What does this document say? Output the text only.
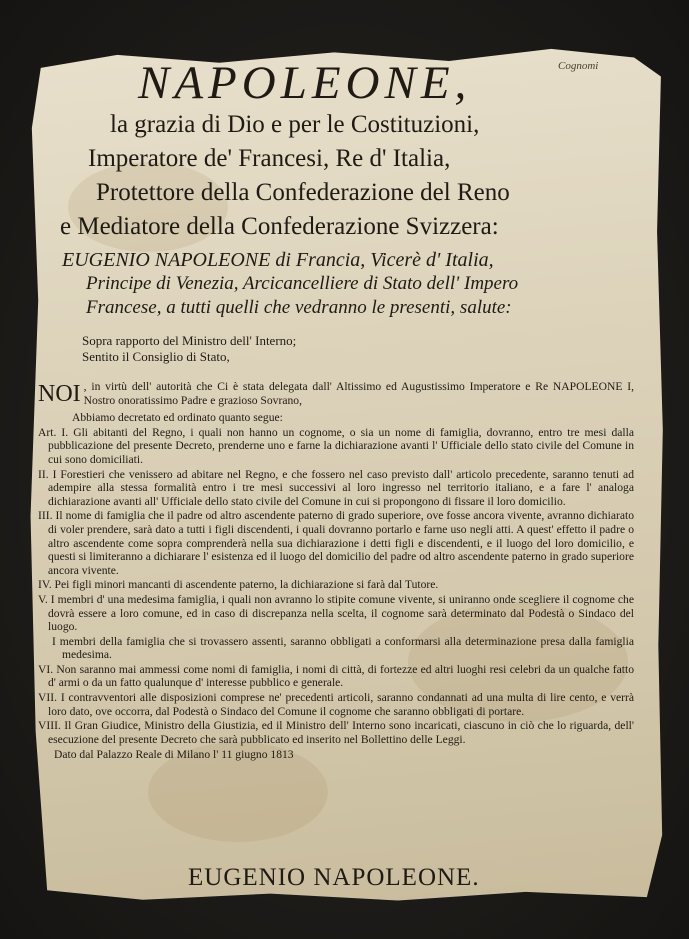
NAPOLEONE,	Cognomi
la grazia di Dio e per le Costituzioni,
Imperatore de' Francesi, Re d' Italia,
Protettore della Confederazione del Reno
e Mediatore della Confederazione Svizzera:
EUGENIO NAPOLEONE di Francia, Vicerè d' Italia,
Principe di Venezia, Arcicancelliere di Stato dell' Impero
Francese, a tutti quelli che vedranno le presenti, salute:
Sopra rapporto del Ministro dell' Interno;
Sentito il Consiglio di Stato,

NOI , in virtù dell' autorità che Ci è stata delegata dall' Altissimo ed Augustissimo Imperatore e Re NAPOLEONE I, Nostro onoratissimo Padre e grazioso Sovrano,

Abbiamo decretato ed ordinato quanto segue:

Art. I. Gli abitanti del Regno, i quali non hanno un cognome, o sia un nome di famiglia, dovranno, entro tre mesi dalla pubblicazione del presente Decreto, prenderne uno e farne la dichiarazione avanti l' Ufficiale dello stato civile del Comune in cui sono domiciliati.

II. I Forestieri che venissero ad abitare nel Regno, e che fossero nel caso previsto dall' articolo precedente, saranno tenuti ad adempire alla stessa formalità entro i tre mesi successivi al loro ingresso nel territorio italiano, e a fare l' analoga dichiarazione avanti all' Ufficiale dello stato civile del Comune in cui si propongono di fissare il loro domicilio.

III. Il nome di famiglia che il padre od altro ascendente paterno di grado superiore, ove fosse ancora vivente, avranno dichiarato di voler prendere, sarà dato a tutti i figli discendenti, i quali dovranno portarlo e farne uso negli atti. A quest' effetto il padre o altro ascendente come sopra comprenderà nella sua dichiarazione i detti figli e discendenti, e il luogo del loro domicilio, e questi si limiteranno a dichiarare l' esistenza ed il luogo del domicilio del padre od altro ascendente paterno in grado superiore ancora vivente.

IV. Pei figli minori mancanti di ascendente paterno, la dichiarazione si farà dal Tutore.

V. I membri d' una medesima famiglia, i quali non avranno lo stipite comune vivente, si uniranno onde scegliere il cognome che dovrà essere a loro comune, ed in caso di discrepanza nella scelta, il cognome sarà determinato dal Podestà o Sindaco del luogo.

I membri della famiglia che si trovassero assenti, saranno obbligati a conformarsi alla determinazione presa dalla famiglia medesima.

VI. Non saranno mai ammessi come nomi di famiglia, i nomi di città, di fortezze ed altri luoghi resi celebri da un qualche fatto d' armi o da un fatto qualunque d' interesse pubblico e generale.

VII. I contravventori alle disposizioni comprese ne' precedenti articoli, saranno condannati ad una multa di lire cento, e verrà loro dato, ove occorra, dal Podestà o Sindaco del Comune il cognome che saranno obbligati di portare.

VIII. Il Gran Giudice, Ministro della Giustizia, ed il Ministro dell' Interno sono incaricati, ciascuno in ciò che lo riguarda, dell' esecuzione del presente Decreto che sarà pubblicato ed inserito nel Bollettino delle Leggi.

Dato dal Palazzo Reale di Milano l' 11 giugno 1813

EUGENIO NAPOLEONE.
